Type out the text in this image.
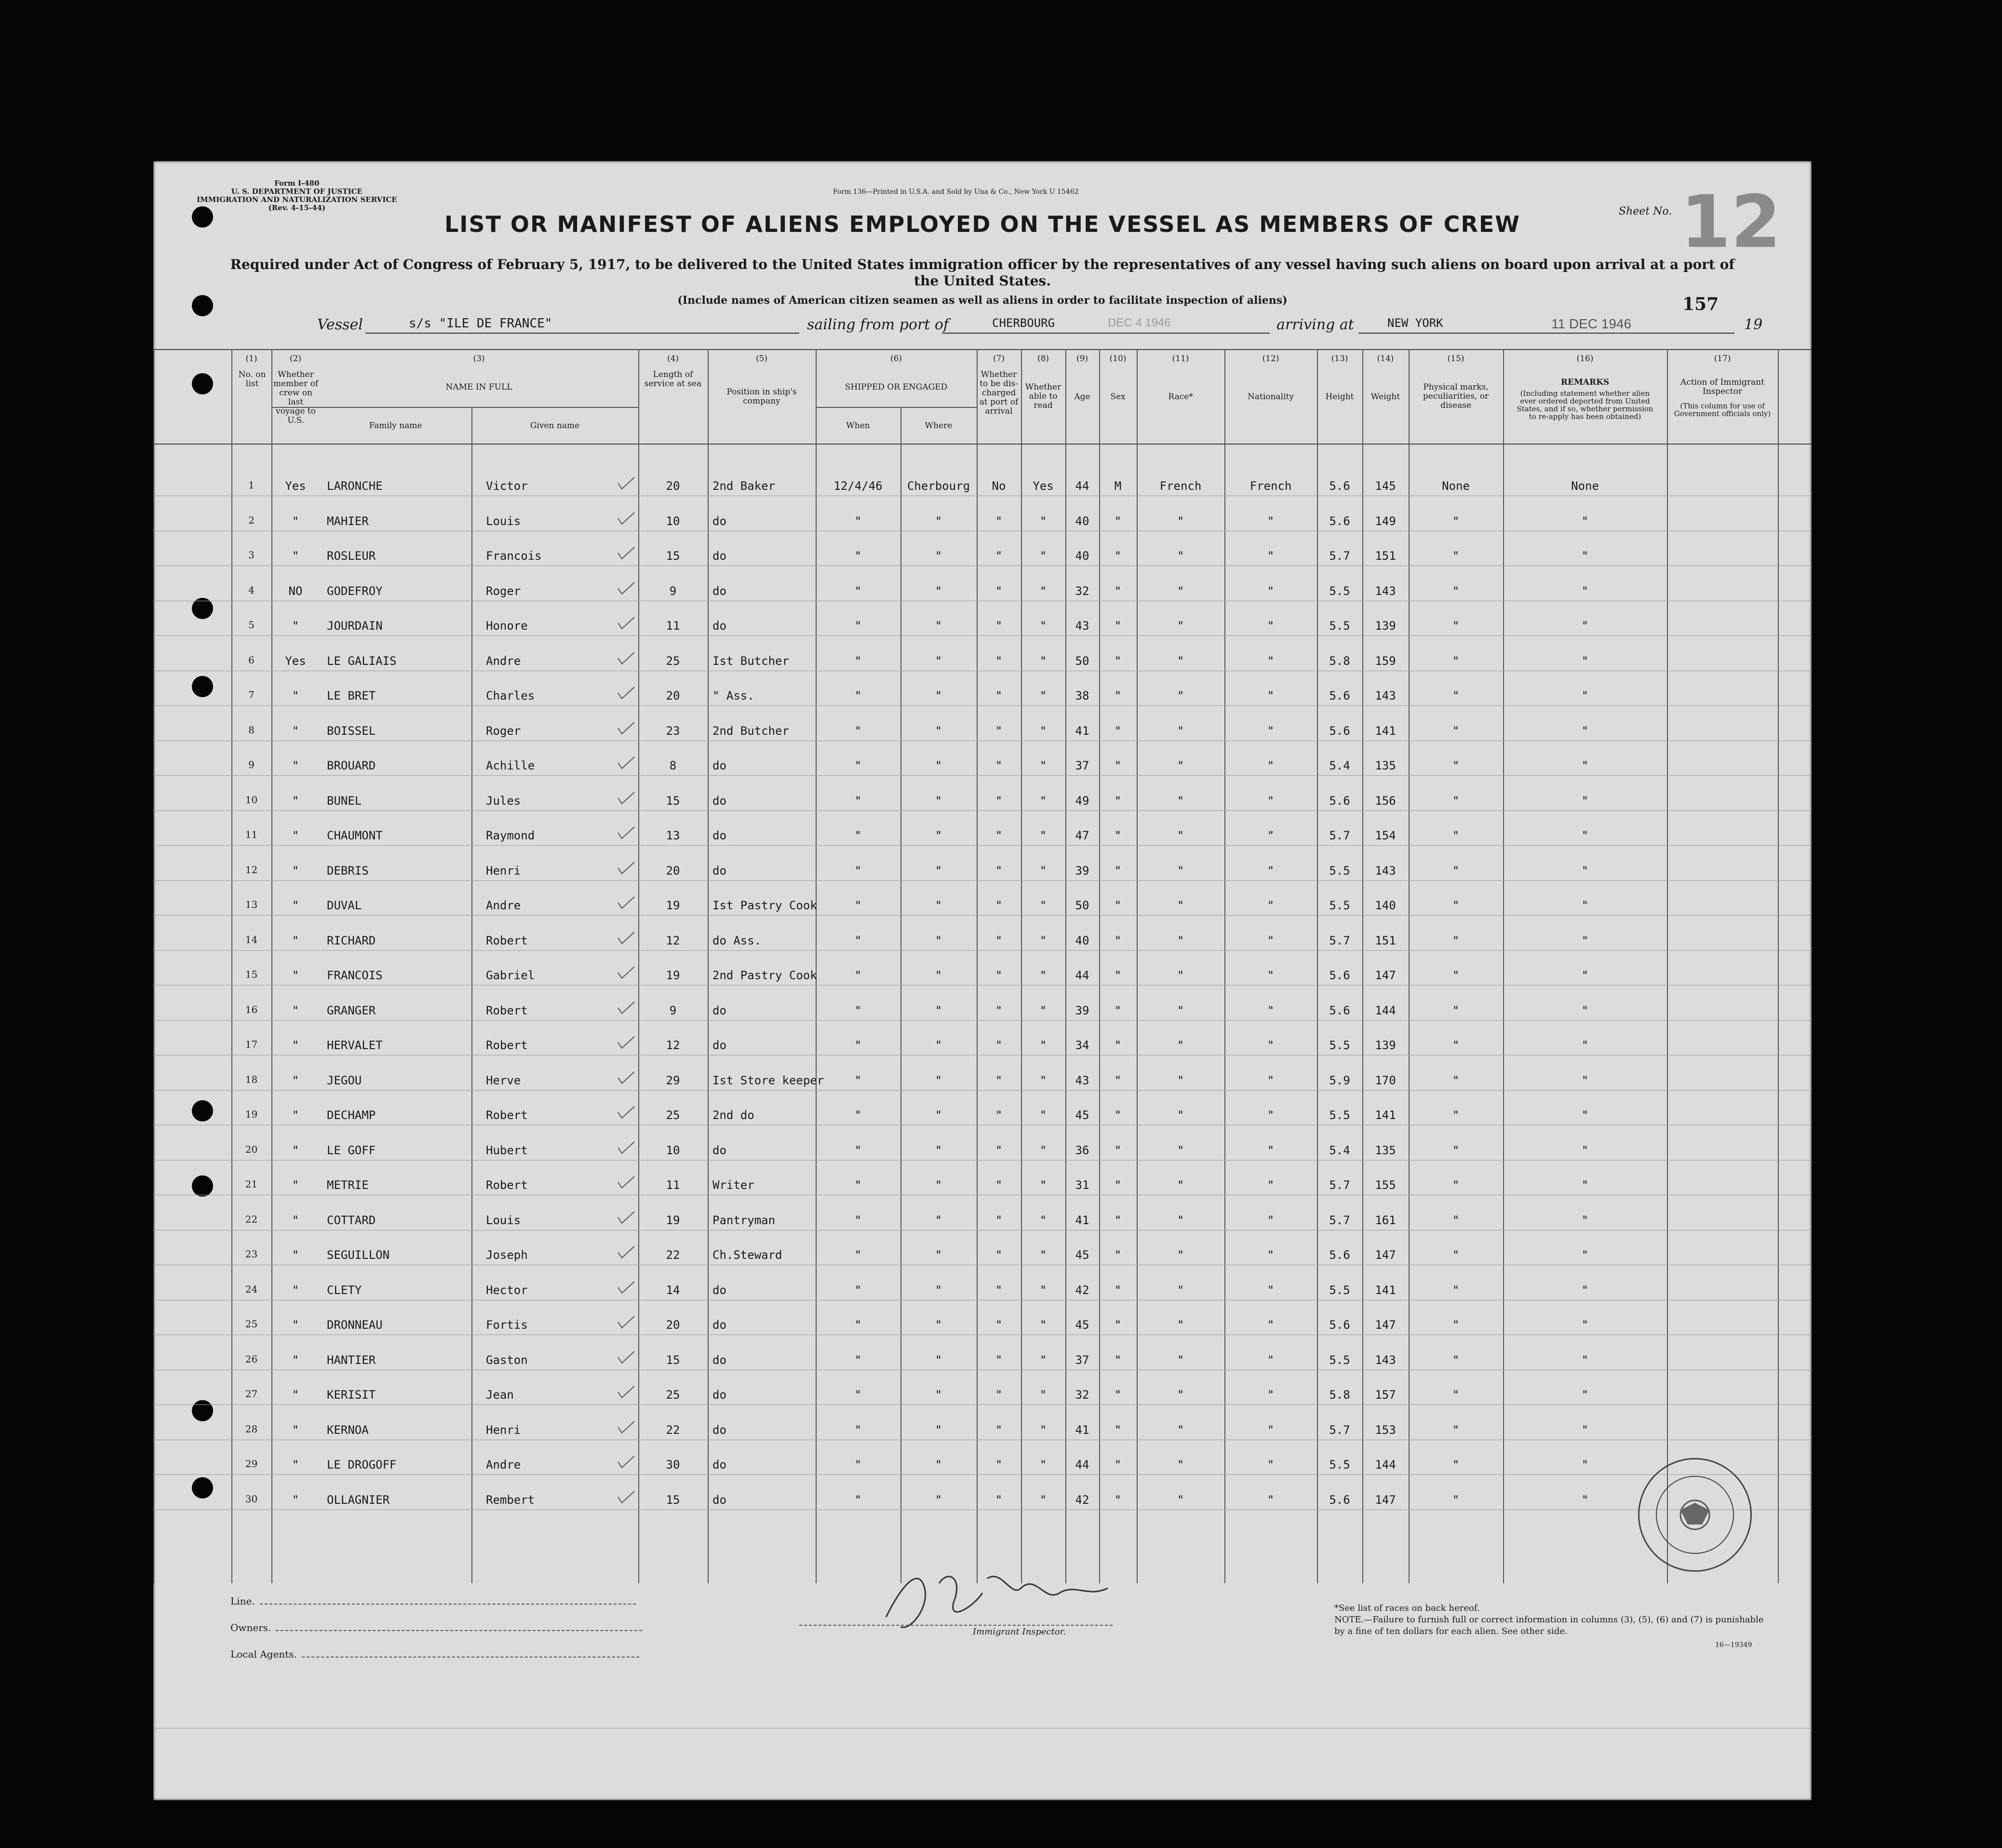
Form I-480
U. S. DEPARTMENT OF JUSTICE
IMMIGRATION AND NATURALIZATION SERVICE
(Rev. 4-15-44)
Form 136—Printed in U.S.A. and Sold by Una & Co., New York U 15462
Sheet No. 12
LIST OR MANIFEST OF ALIENS EMPLOYED ON THE VESSEL AS MEMBERS OF CREW
Required under Act of Congress of February 5, 1917, to be delivered to the United States immigration officer by the representatives of any vessel having such aliens on board upon arrival at a port of the United States.
(Include names of American citizen seamen as well as aliens in order to facilitate inspection of aliens)	157
Vessel	s/s "ILE DE FRANCE"	sailing from port of	CHERBOURG	DEC 4 1946	arriving at	NEW YORK	11 DEC 1946	19
(1)	(2)	(3)	(4)	(5)	(6)	(7)	(8)	(9)	(10)	(11)	(12)	(13)	(14)	(15)	(16)	(17)
No. on list
Whether member of crew on last voyage to U.S.
NAME IN FULL
Family name	Given name
Length of service at sea
Position in ship's company
SHIPPED OR ENGAGED
When	Where
Whether to be dis-charged at port of arrival
Whether able to read
Age	Sex	Race*	Nationality	Height	Weight
Physical marks, peculiarities, or disease
REMARKS
(Including statement whether alien ever ordered deported from United States, and if so, whether permission to re-apply has been obtained)
Action of Immigrant Inspector
(This column for use of Government officials only)
1	Yes	LARONCHE	Victor	20	2nd Baker	12/4/46	Cherbourg	No	Yes	44	M	French	French	5.6	145	None	None
2	"	MAHIER	Louis	10	do	"	"	"	"	40	"	"	"	5.6	149	"	"
3	"	ROSLEUR	Francois	15	do	"	"	"	"	40	"	"	"	5.7	151	"	"
4	NO	GODEFROY	Roger	9	do	"	"	"	"	32	"	"	"	5.5	143	"	"
5	"	JOURDAIN	Honore	11	do	"	"	"	"	43	"	"	"	5.5	139	"	"
6	Yes	LE GALIAIS	Andre	25	Ist Butcher	"	"	"	"	50	"	"	"	5.8	159	"	"
7	"	LE BRET	Charles	20	" Ass.	"	"	"	"	38	"	"	"	5.6	143	"	"
8	"	BOISSEL	Roger	23	2nd Butcher	"	"	"	"	41	"	"	"	5.6	141	"	"
9	"	BROUARD	Achille	8	do	"	"	"	"	37	"	"	"	5.4	135	"	"
10	"	BUNEL	Jules	15	do	"	"	"	"	49	"	"	"	5.6	156	"	"
11	"	CHAUMONT	Raymond	13	do	"	"	"	"	47	"	"	"	5.7	154	"	"
12	"	DEBRIS	Henri	20	do	"	"	"	"	39	"	"	"	5.5	143	"	"
13	"	DUVAL	Andre	19	Ist Pastry Cook	"	"	"	"	50	"	"	"	5.5	140	"	"
14	"	RICHARD	Robert	12	do Ass.	"	"	"	"	40	"	"	"	5.7	151	"	"
15	"	FRANCOIS	Gabriel	19	2nd Pastry Cook	"	"	"	"	44	"	"	"	5.6	147	"	"
16	"	GRANGER	Robert	9	do	"	"	"	"	39	"	"	"	5.6	144	"	"
17	"	HERVALET	Robert	12	do	"	"	"	"	34	"	"	"	5.5	139	"	"
18	"	JEGOU	Herve	29	Ist Store keeper	"	"	"	"	43	"	"	"	5.9	170	"	"
19	"	DECHAMP	Robert	25	2nd do	"	"	"	"	45	"	"	"	5.5	141	"	"
20	"	LE GOFF	Hubert	10	do	"	"	"	"	36	"	"	"	5.4	135	"	"
21	"	METRIE	Robert	11	Writer	"	"	"	"	31	"	"	"	5.7	155	"	"
22	"	COTTARD	Louis	19	Pantryman	"	"	"	"	41	"	"	"	5.7	161	"	"
23	"	SEGUILLON	Joseph	22	Ch.Steward	"	"	"	"	45	"	"	"	5.6	147	"	"
24	"	CLETY	Hector	14	do	"	"	"	"	42	"	"	"	5.5	141	"	"
25	"	DRONNEAU	Fortis	20	do	"	"	"	"	45	"	"	"	5.6	147	"	"
26	"	HANTIER	Gaston	15	do	"	"	"	"	37	"	"	"	5.5	143	"	"
27	"	KERISIT	Jean	25	do	"	"	"	"	32	"	"	"	5.8	157	"	"
28	"	KERNOA	Henri	22	do	"	"	"	"	41	"	"	"	5.7	153	"	"
29	"	LE DROGOFF	Andre	30	do	"	"	"	"	44	"	"	"	5.5	144	"	"
30	"	OLLAGNIER	Rembert	15	do	"	"	"	"	42	"	"	"	5.6	147	"	"
Line.
Owners.
Local Agents.
Immigrant Inspector.
*See list of races on back hereof.
NOTE.—Failure to furnish full or correct information in columns (3), (5), (6) and (7) is punishable by a fine of ten dollars for each alien. See other side.
16—19349
